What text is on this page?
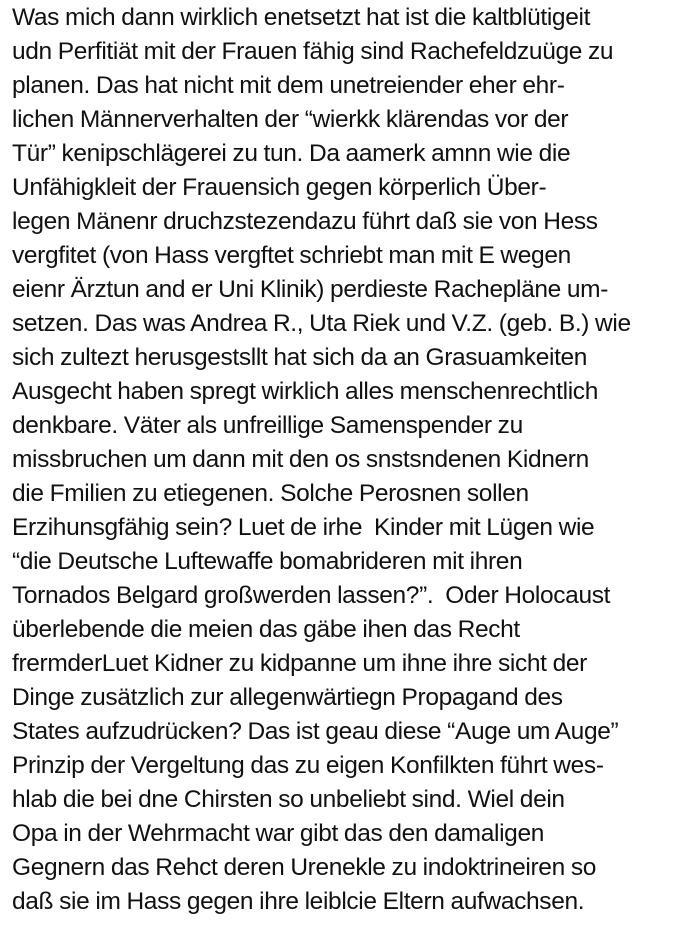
Was mich dann wirklich enetsetzt hat ist die kaltblütigeit
udn Perfitiät mit der Frauen fähig sind Rachefeldzuüge zu
planen. Das hat nicht mit dem unetreiender eher ehr-
lichen Männerverhalten der “wierkk klärendas vor der
Tür” kenipschlägerei zu tun. Da aamerk amnn wie die
Unfähigkleit der Frauensich gegen körperlich Über-
legen Mänenr druchzstezendazu führt daß sie von Hess
vergfitet (von Hass vergftet schriebt man mit E wegen
eienr Ärztun and er Uni Klinik) perdieste Rachepläne um-
setzen. Das was Andrea R., Uta Riek und V.Z. (geb. B.) wie
sich zultezt herusgestsllt hat sich da an Grasuamkeiten
Ausgecht haben spregt wirklich alles menschenrechtlich
denkbare. Väter als unfreillige Samenspender zu
missbruchen um dann mit den os snstsndenen Kidnern
die Fmilien zu etiegenen. Solche Perosnen sollen
Erzihunsgfähig sein? Luet de irhe  Kinder mit Lügen wie
“die Deutsche Luftewaffe bomabrideren mit ihren
Tornados Belgard großwerden lassen?”.  Oder Holocaust
überlebende die meien das gäbe ihen das Recht
frermderLuet Kidner zu kidpanne um ihne ihre sicht der
Dinge zusätzlich zur allegenwärtiegn Propagand des
States aufzudrücken? Das ist geau diese “Auge um Auge”
Prinzip der Vergeltung das zu eigen Konfilkten führt wes-
hlab die bei dne Chirsten so unbeliebt sind. Wiel dein
Opa in der Wehrmacht war gibt das den damaligen
Gegnern das Rehct deren Urenekle zu indoktrineiren so
daß sie im Hass gegen ihre leiblcie Eltern aufwachsen.
